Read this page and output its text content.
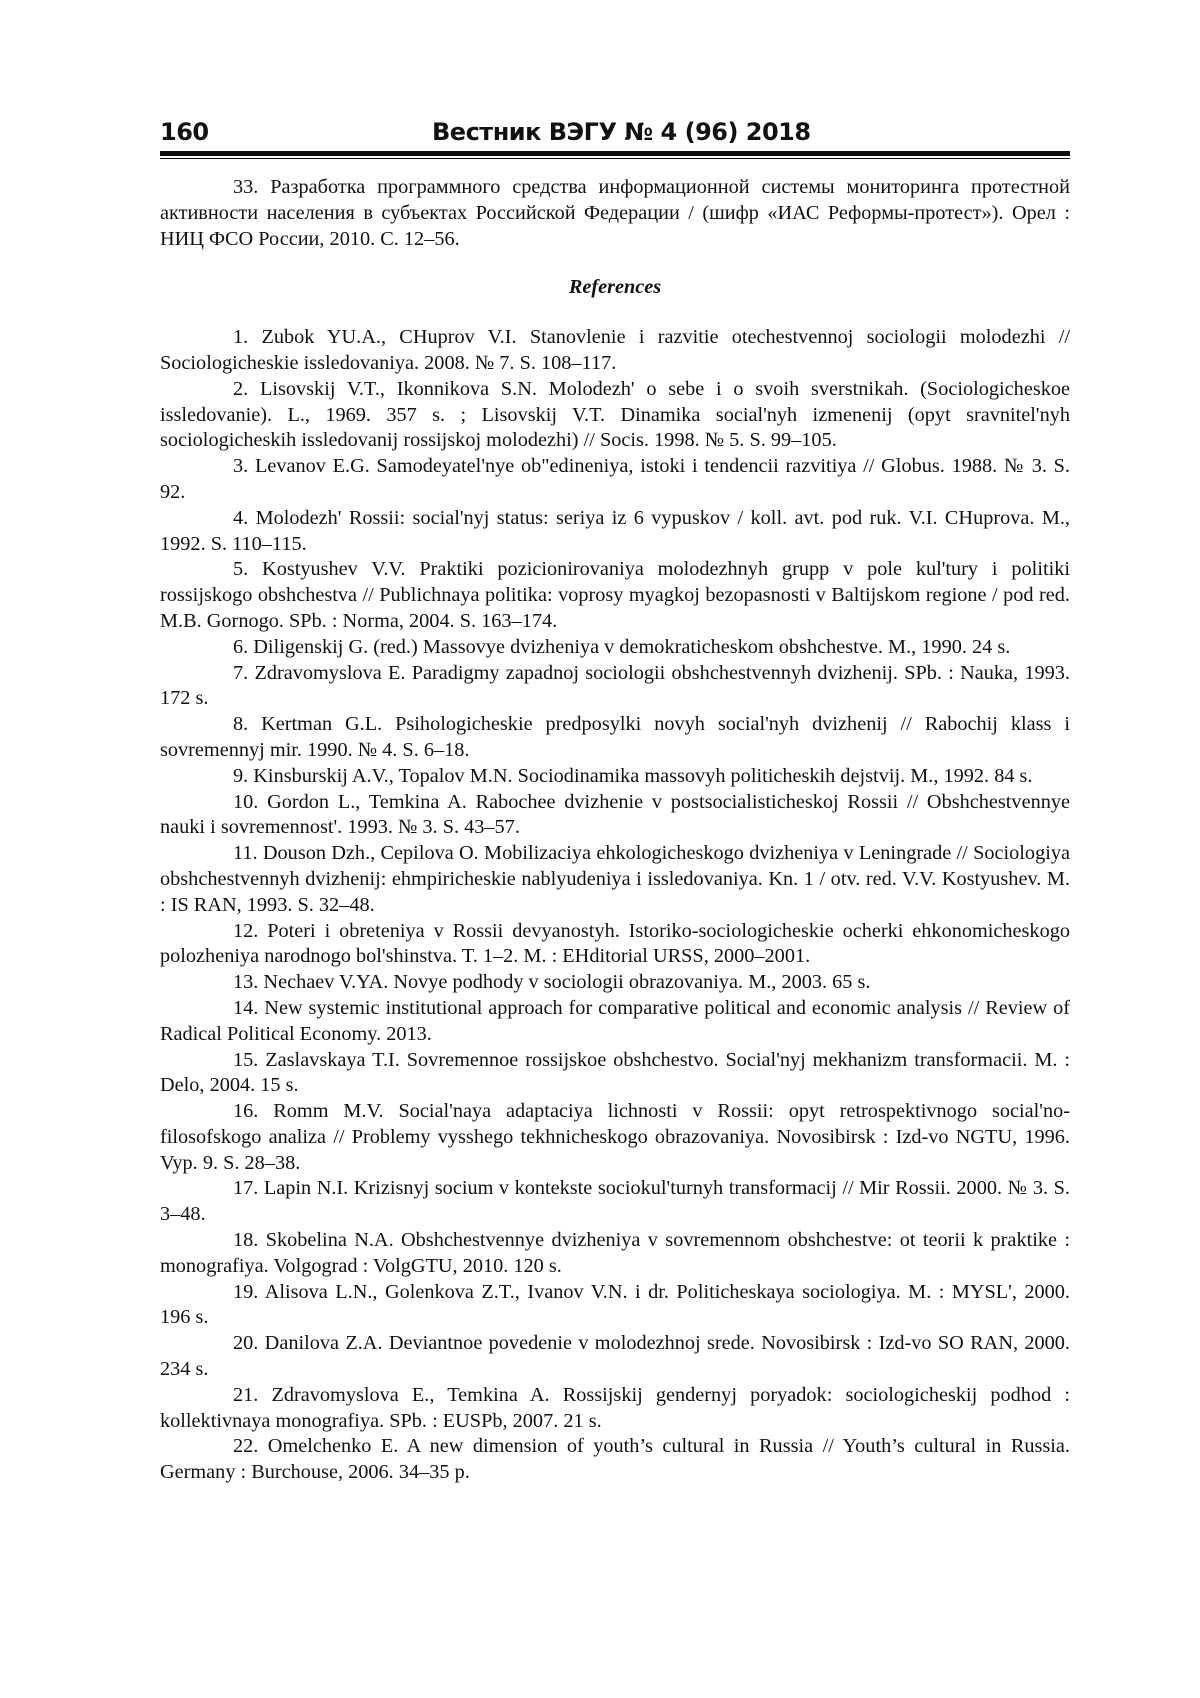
160	Вестник ВЭГУ № 4 (96) 2018

33. Разработка программного средства информационной системы мониторинга протестной активности населения в субъектах Российской Федерации / (шифр «ИАС Реформы-протест»). Орел : НИЦ ФСО России, 2010. С. 12–56.

References

1. Zubok YU.A., CHuprov V.I. Stanovlenie i razvitie otechestvennoj sociologii molodezhi // Sociologicheskie issledovaniya. 2008. № 7. S. 108–117.

2. Lisovskij V.T., Ikonnikova S.N. Molodezh' o sebe i o svoih sverstnikah. (Sociologicheskoe issledovanie). L., 1969. 357 s. ; Lisovskij V.T. Dinamika social'nyh izmenenij (opyt sravnitel'nyh sociologicheskih issledovanij rossijskoj molodezhi) // Socis. 1998. № 5. S. 99–105.

3. Levanov E.G. Samodeyatel'nye ob"edineniya, istoki i tendencii razvitiya // Globus. 1988. № 3. S. 92.

4. Molodezh' Rossii: social'nyj status: seriya iz 6 vypuskov / koll. avt. pod ruk. V.I. CHuprova. M., 1992. S. 110–115.

5. Kostyushev V.V. Praktiki pozicionirovaniya molodezhnyh grupp v pole kul'tury i politiki rossijskogo obshchestva // Publichnaya politika: voprosy myagkoj bezopasnosti v Baltijskom regione / pod red. M.B. Gornogo. SPb. : Norma, 2004. S. 163–174.

6. Diligenskij G. (red.) Massovye dvizheniya v demokraticheskom obshchestve. M., 1990. 24 s.

7. Zdravomyslova E. Paradigmy zapadnoj sociologii obshchestvennyh dvizhenij. SPb. : Nauka, 1993. 172 s.

8. Kertman G.L. Psihologicheskie predposylki novyh social'nyh dvizhenij // Rabochij klass i sovremennyj mir. 1990. № 4. S. 6–18.

9. Kinsburskij A.V., Topalov M.N. Sociodinamika massovyh politicheskih dejstvij. M., 1992. 84 s.

10. Gordon L., Temkina A. Rabochee dvizhenie v postsocialisticheskoj Rossii // Obshchestvennye nauki i sovremennost'. 1993. № 3. S. 43–57.

11. Douson Dzh., Cepilova O. Mobilizaciya ehkologicheskogo dvizheniya v Leningrade // Sociologiya obshchestvennyh dvizhenij: ehmpiricheskie nablyudeniya i issledovaniya. Kn. 1 / otv. red. V.V. Kostyushev. M. : IS RAN, 1993. S. 32–48.

12. Poteri i obreteniya v Rossii devyanostyh. Istoriko-sociologicheskie ocherki ehkonomicheskogo polozheniya narodnogo bol'shinstva. T. 1–2. M. : EHditorial URSS, 2000–2001.

13. Nechaev V.YA. Novye podhody v sociologii obrazovaniya. M., 2003. 65 s.

14. New systemic institutional approach for comparative political and economic analysis // Review of Radical Political Economy. 2013.

15. Zaslavskaya T.I. Sovremennoe rossijskoe obshchestvo. Social'nyj mekhanizm transformacii. M. : Delo, 2004. 15 s.

16. Romm M.V. Social'naya adaptaciya lichnosti v Rossii: opyt retrospektivnogo social'no-filosofskogo analiza // Problemy vysshego tekhnicheskogo obrazovaniya. Novosibirsk : Izd-vo NGTU, 1996. Vyp. 9. S. 28–38.

17. Lapin N.I. Krizisnyj socium v kontekste sociokul'turnyh transformacij // Mir Rossii. 2000. № 3. S. 3–48.

18. Skobelina N.A. Obshchestvennye dvizheniya v sovremennom obshchestve: ot teorii k praktike : monografiya. Volgograd : VolgGTU, 2010. 120 s.

19. Alisova L.N., Golenkova Z.T., Ivanov V.N. i dr. Politicheskaya sociologiya. M. : MYSL', 2000. 196 s.

20. Danilova Z.A. Deviantnoe povedenie v molodezhnoj srede. Novosibirsk : Izd-vo SO RAN, 2000. 234 s.

21. Zdravomyslova E., Temkina A. Rossijskij gendernyj poryadok: sociologicheskij podhod : kollektivnaya monografiya. SPb. : EUSPb, 2007. 21 s.

22. Omelchenko E. A new dimension of youth’s cultural in Russia // Youth’s cultural in Russia. Germany : Burchouse, 2006. 34–35 p.
